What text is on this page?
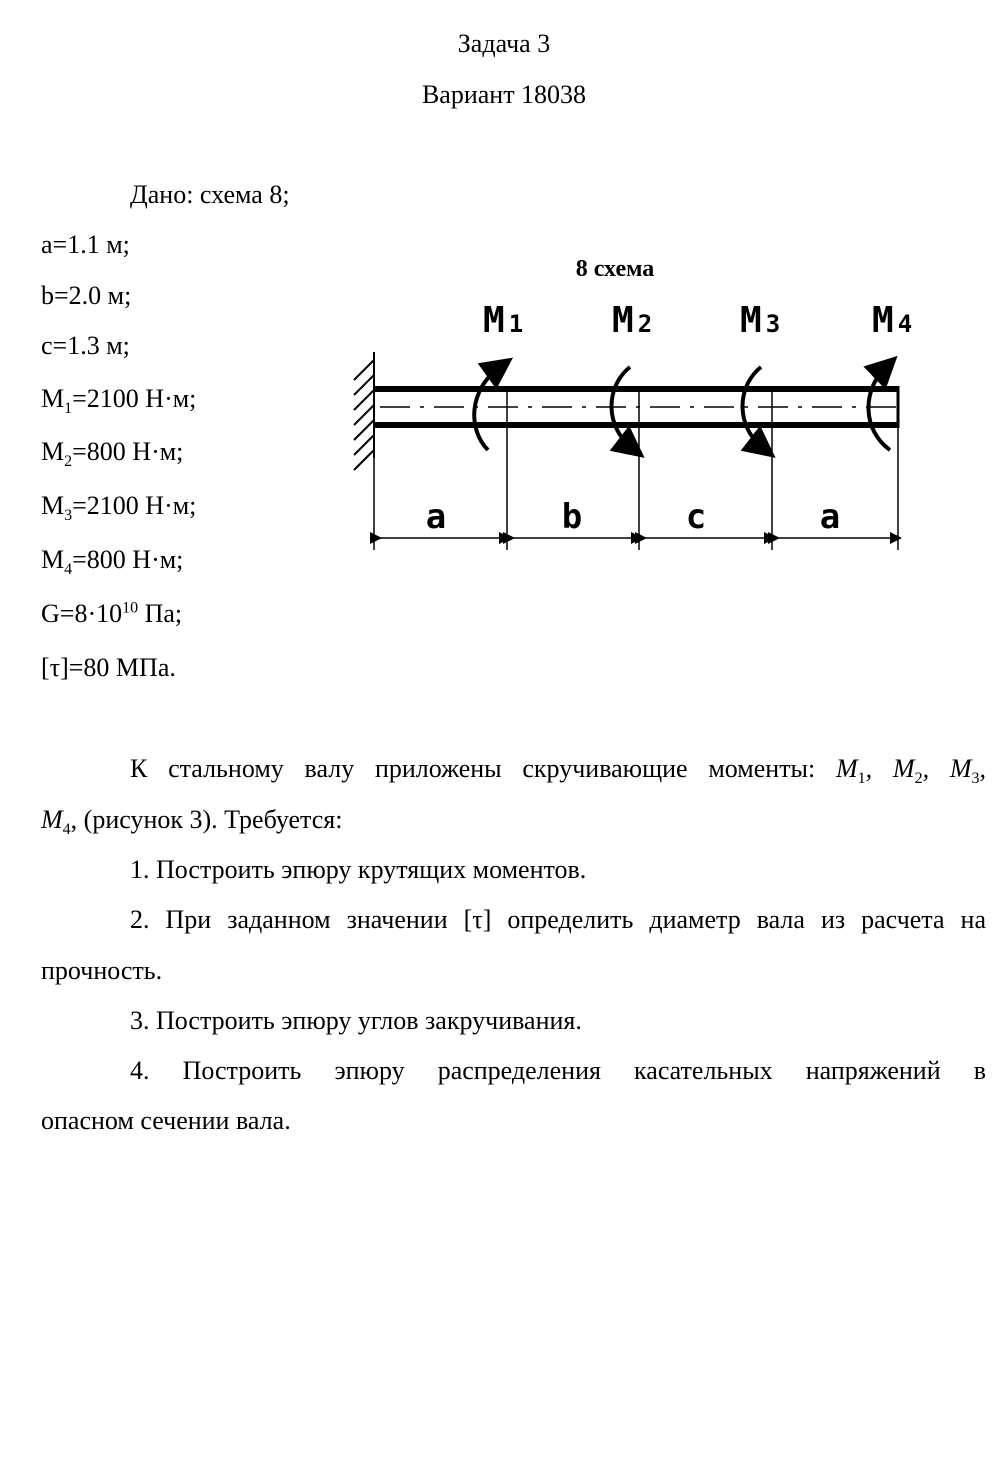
Задача 3
Вариант 18038
Дано: схема 8;
a=1.1 м;
b=2.0 м;
c=1.3 м;
$M_1=2100$ Н·м;
$M_2=800$ Н·м;
$M_3=2100$ Н·м;
$M_4=800$ Н·м;
$G=8\cdot 10^{10}$ Па;
[τ]=80 МПа.
8 схема
M 1 M 2 M 3	M 4
a	b	c	a
К стальному валу приложены скручивающие моменты: $M_1$, $M_2$, $M_3$,
$M_4$, (рисунок 3). Требуется:
1. Построить эпюру крутящих моментов.
2. При заданном значении [τ] определить диаметр вала из расчета на
прочность.
3. Построить эпюру углов закручивания.
4. Построить эпюру распределения касательных напряжений в
опасном сечении вала.
